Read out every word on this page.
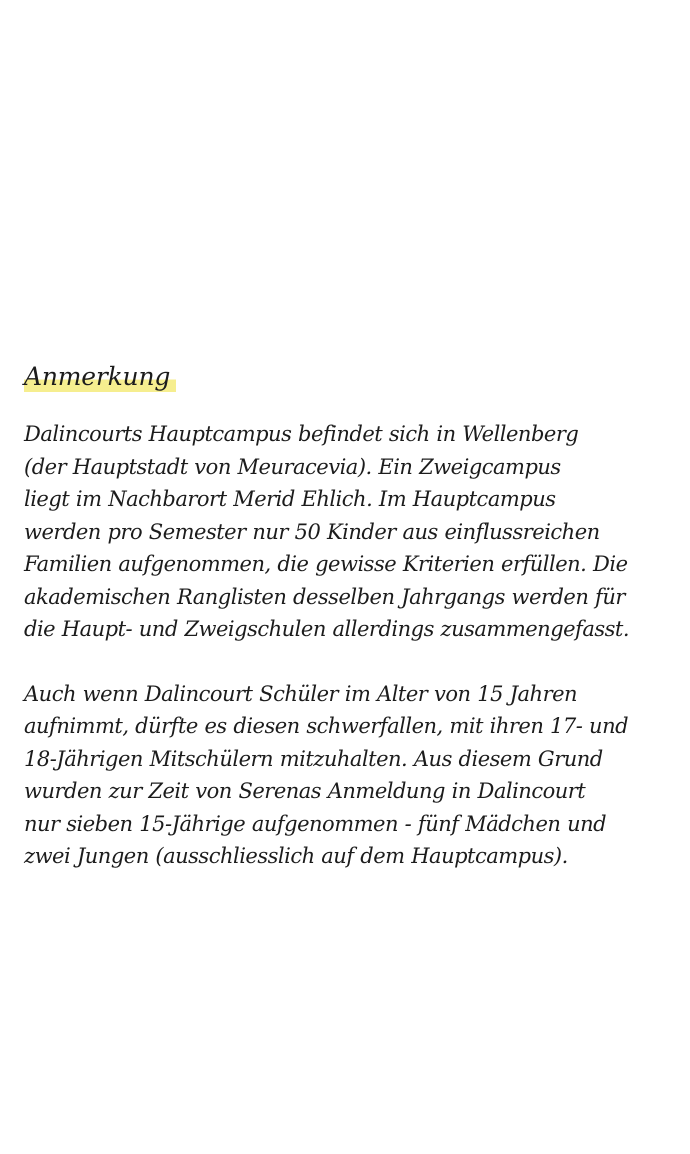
Anmerkung

Dalincourts Hauptcampus befindet sich in Wellenberg
(der Hauptstadt von Meuracevia). Ein Zweigcampus
liegt im Nachbarort Merid Ehlich. Im Hauptcampus
werden pro Semester nur 50 Kinder aus einflussreichen
Familien aufgenommen, die gewisse Kriterien erfüllen. Die
akademischen Ranglisten desselben Jahrgangs werden für
die Haupt- und Zweigschulen allerdings zusammengefasst.

Auch wenn Dalincourt Schüler im Alter von 15 Jahren
aufnimmt, dürfte es diesen schwerfallen, mit ihren 17- und
18-Jährigen Mitschülern mitzuhalten. Aus diesem Grund
wurden zur Zeit von Serenas Anmeldung in Dalincourt
nur sieben 15-Jährige aufgenommen - fünf Mädchen und
zwei Jungen (ausschliesslich auf dem Hauptcampus).
